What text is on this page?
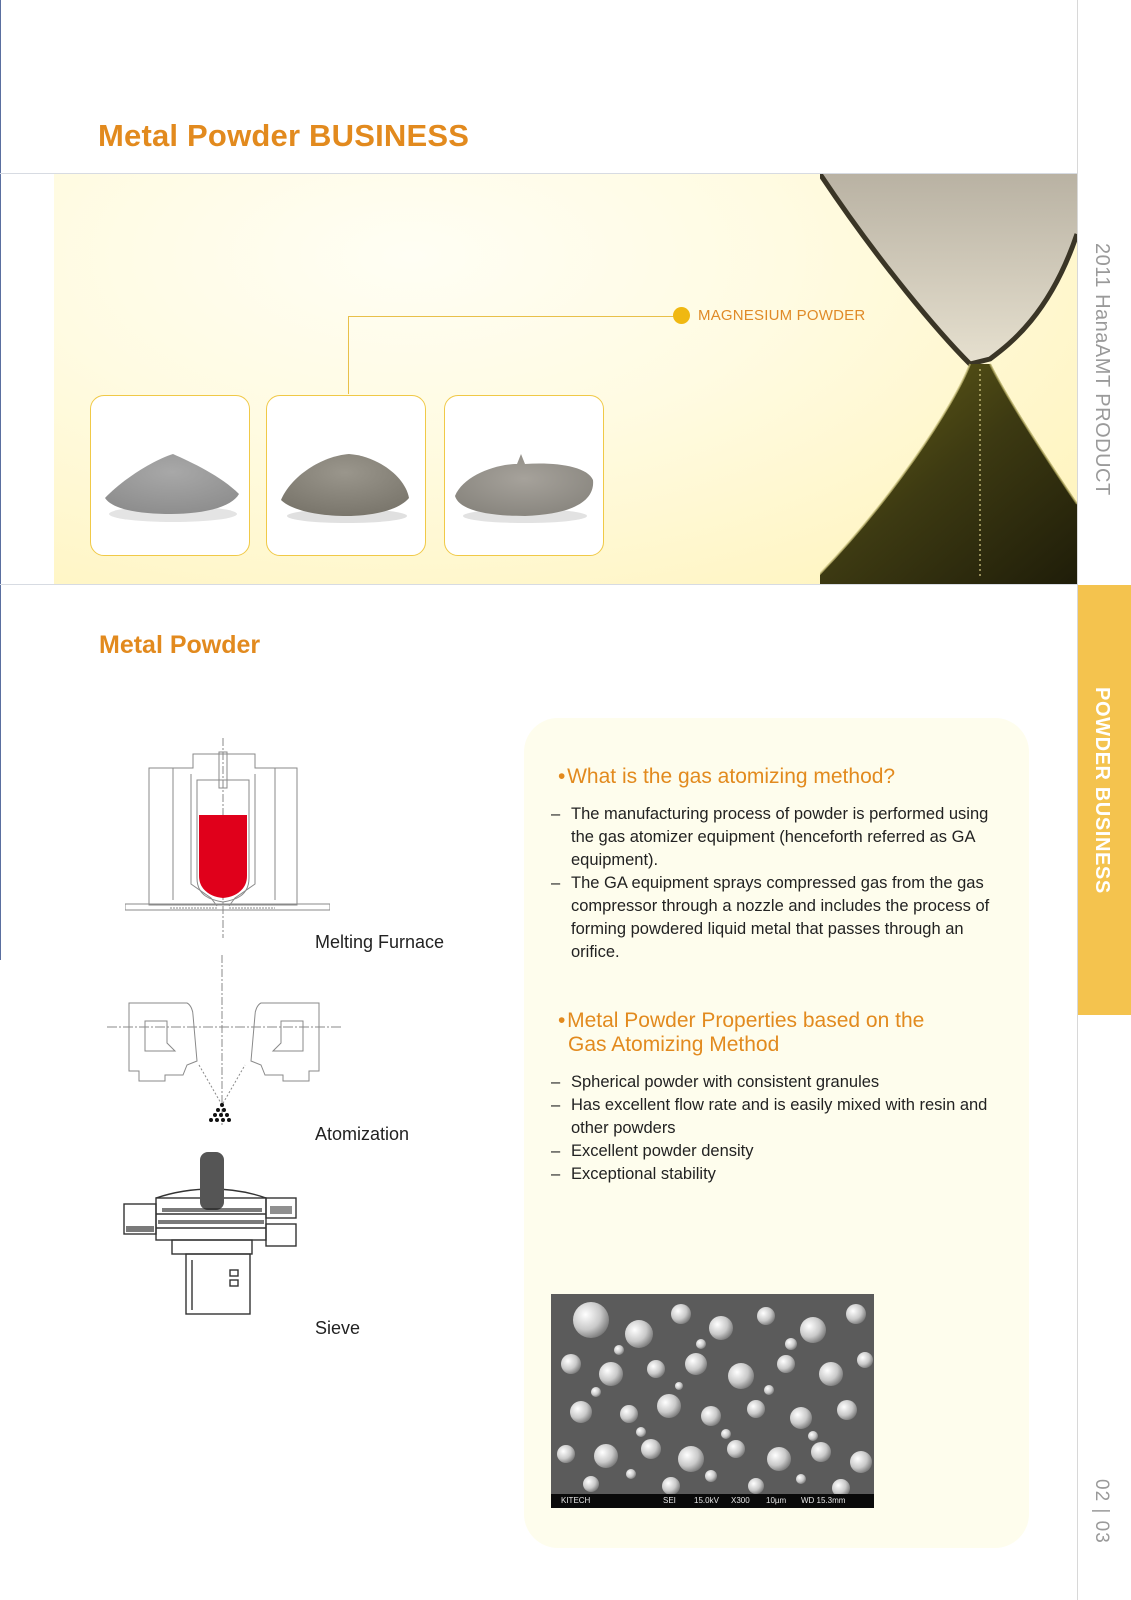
Metal Powder BUSINESS
MAGNESIUM POWDER	2011 HanaAMT PRODUCT
POWDER BUSINESS
02 | 03
Metal Powder
Melting Furnace
Atomization
Sieve
• What is the gas atomizing method?
– The manufacturing process of powder is performed using the gas atomizer equipment (henceforth referred as GA equipment).
– The GA equipment sprays compressed gas from the gas compressor through a nozzle and includes the process of forming powdered liquid metal that passes through an orifice.
• Metal Powder Properties based on the
Gas Atomizing Method
– Spherical powder with consistent granules
– Has excellent flow rate and is easily mixed with resin and other powders
– Excellent powder density
– Exceptional stability
KITECH	SEI 15.0kV X300 10µm WD 15.3mm
